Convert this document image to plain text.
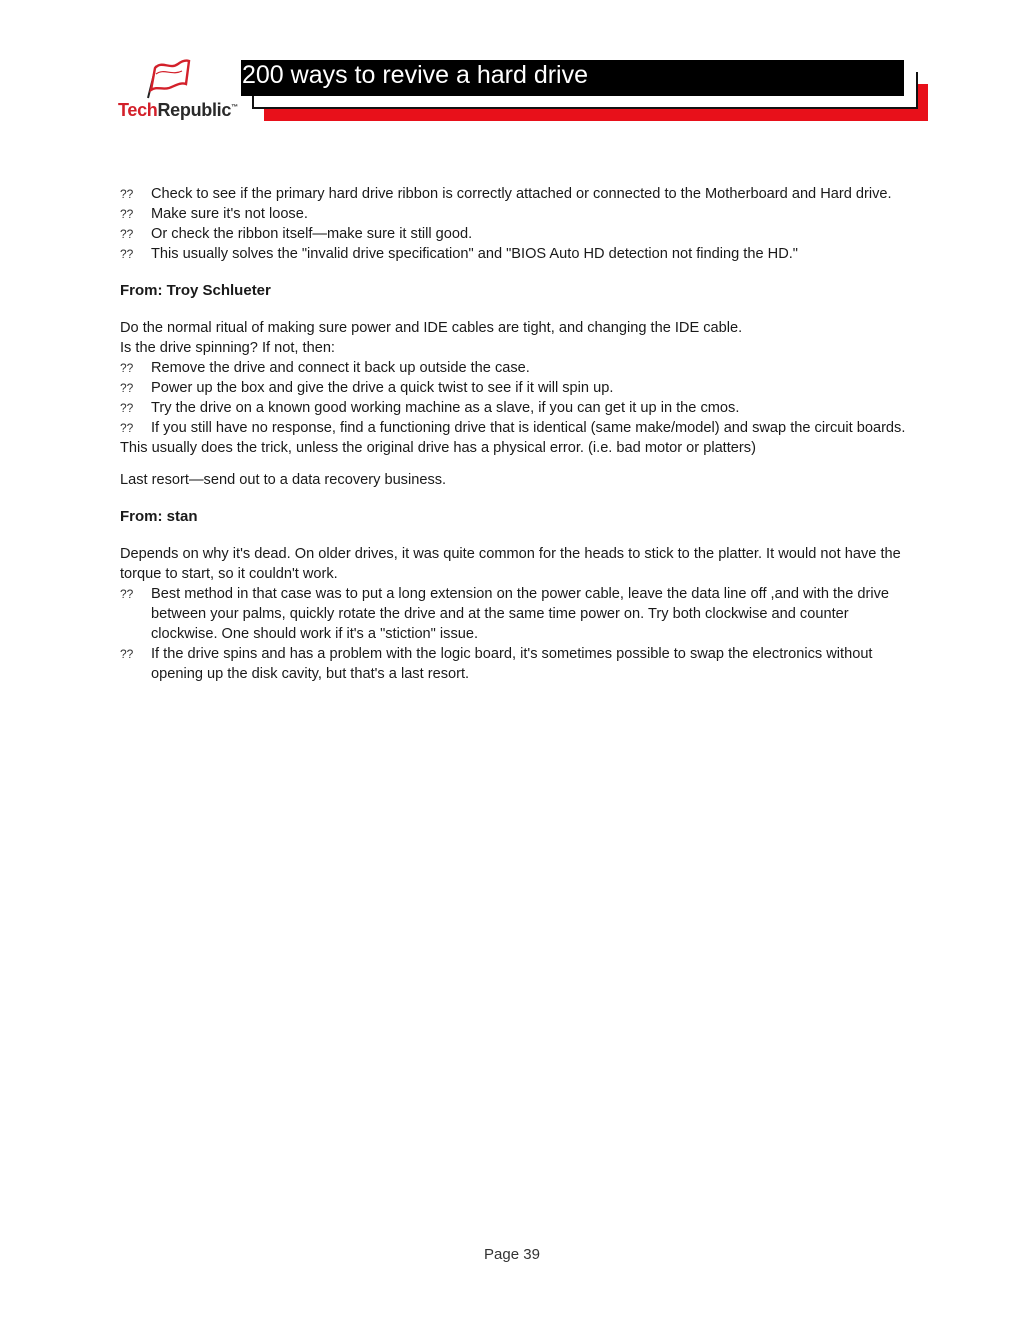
TechRepublic™
www.techrepublic.com
200 ways to revive a hard drive
??	Check to see if the primary hard drive ribbon is correctly attached or connected to the Motherboard and Hard drive.
??	Make sure it's not loose.
??	Or check the ribbon itself—make sure it still good.
??	This usually solves the "invalid drive specification" and "BIOS Auto HD detection not finding the HD."
From: Troy Schlueter
Do the normal ritual of making sure power and IDE cables are tight, and changing the IDE cable.
Is the drive spinning? If not, then:
??	Remove the drive and connect it back up outside the case.
??	Power up the box and give the drive a quick twist to see if it will spin up.
??	Try the drive on a known good working machine as a slave, if you can get it up in the cmos.
??	If you still have no response, find a functioning drive that is identical (same make/model) and swap the circuit boards.
This usually does the trick, unless the original drive has a physical error. (i.e. bad motor or platters)
Last resort—send out to a data recovery business.
From: stan
Depends on why it's dead. On older drives, it was quite common for the heads to stick to the platter. It would not have the torque to start, so it couldn't work.
??	Best method in that case was to put a long extension on the power cable, leave the data line off ,and with the drive between your palms, quickly rotate the drive and at the same time power on. Try both clockwise and counter clockwise. One should work if it's a "stiction" issue.
??	If the drive spins and has a problem with the logic board, it's sometimes possible to swap the electronics without opening up the disk cavity, but that's a last resort.
Page 39
